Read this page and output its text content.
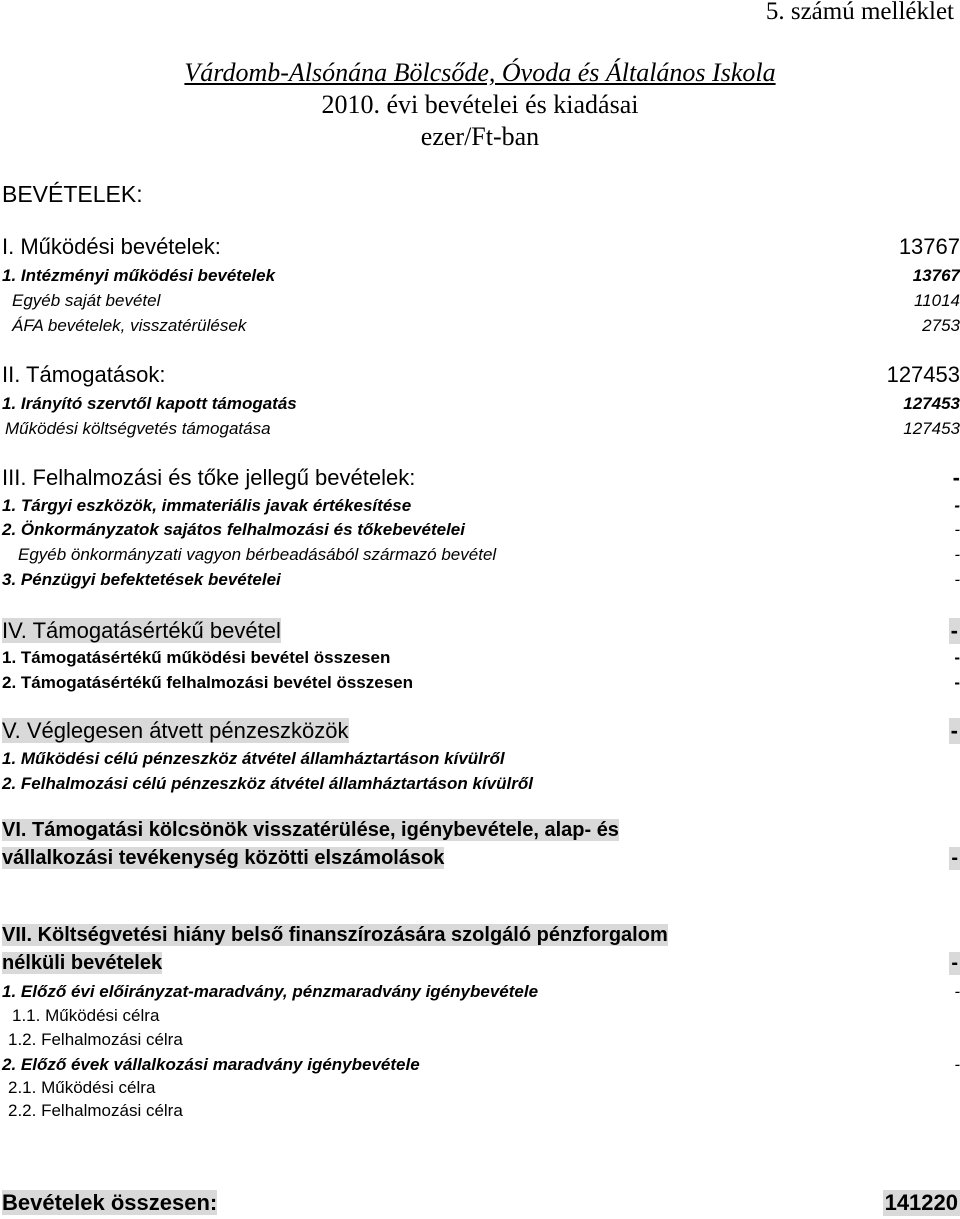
5. számú melléklet
Várdomb-Alsónána Bölcsőde, Óvoda és Általános Iskola
2010. évi bevételei és kiadásai
ezer/Ft-ban
BEVÉTELEK:
I. Működési bevételek:	13767
1. Intézményi működési bevételek	13767
Egyéb saját bevétel	11014
ÁFA bevételek, visszatérülések	2753
II. Támogatások:	127453
1. Irányító szervtől kapott támogatás	127453
Működési költségvetés támogatása	127453
III. Felhalmozási és tőke jellegű bevételek:	-
1. Tárgyi eszközök, immateriális javak értékesítése	-
2. Önkormányzatok sajátos felhalmozási és tőkebevételei	-
Egyéb önkormányzati vagyon bérbeadásából származó bevétel	-
3. Pénzügyi befektetések bevételei	-
IV. Támogatásértékű bevétel	-
1. Támogatásértékű működési bevétel összesen	-
2. Támogatásértékű felhalmozási bevétel összesen	-
V. Véglegesen átvett pénzeszközök	-
1. Működési célú pénzeszköz átvétel államháztartáson kívülről
2. Felhalmozási célú pénzeszköz átvétel államháztartáson kívülről
VI. Támogatási kölcsönök visszatérülése, igénybevétele, alap- és
vállalkozási tevékenység közötti elszámolások	-
VII. Költségvetési hiány belső finanszírozására szolgáló pénzforgalom
nélküli bevételek	-
1. Előző évi előirányzat-maradvány, pénzmaradvány igénybevétele	-
1.1. Működési célra
1.2. Felhalmozási célra
2. Előző évek vállalkozási maradvány igénybevétele	-
2.1. Működési célra
2.2. Felhalmozási célra
Bevételek összesen:	141220
